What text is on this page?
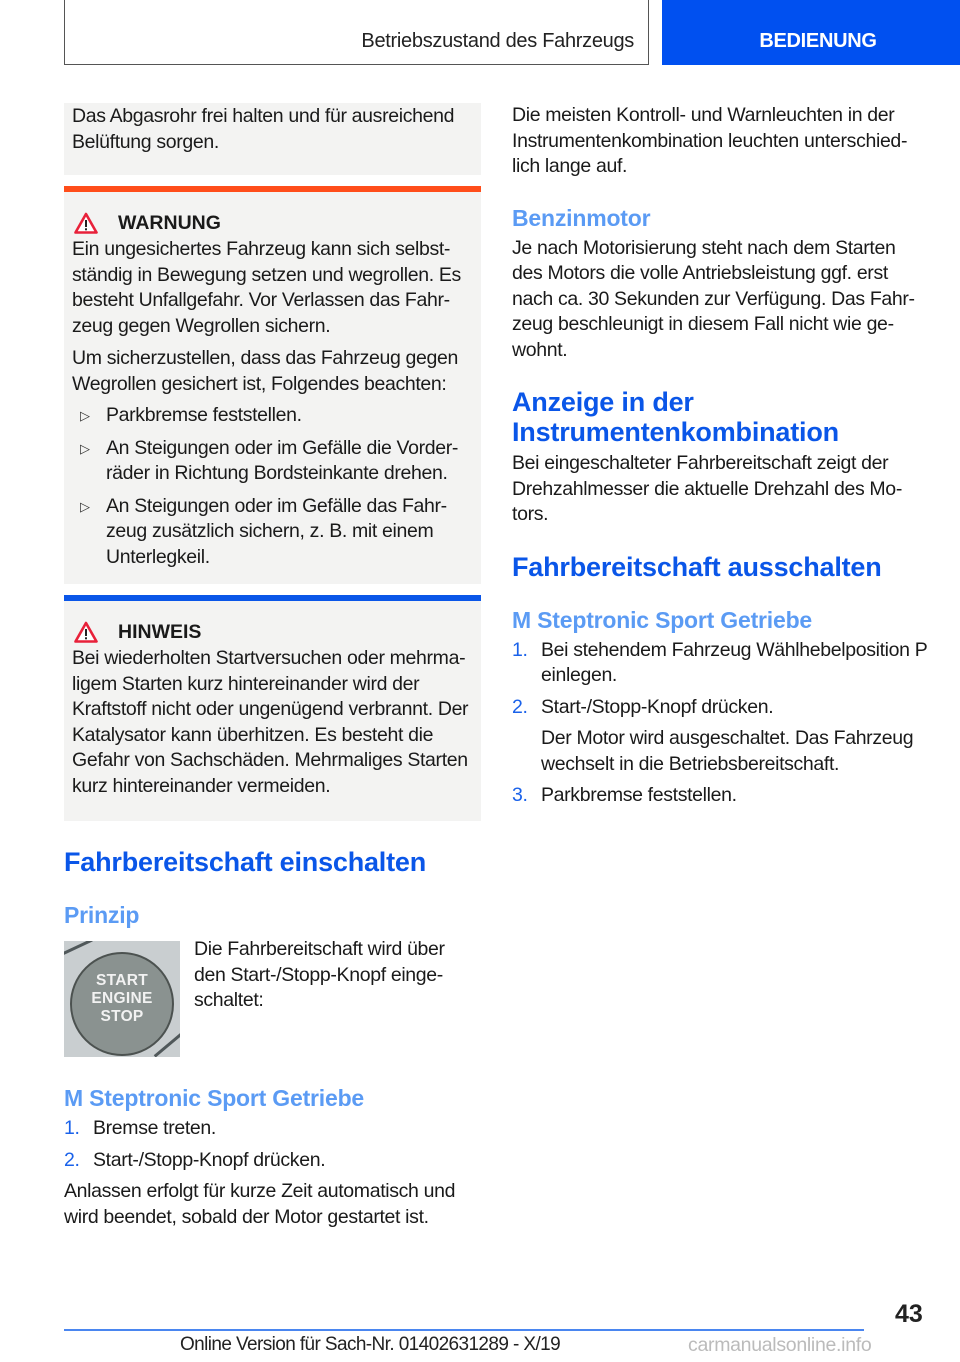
Betriebszustand des Fahrzeugs	BEDIENUNG

Das Abgasrohr frei halten und für ausreichend Belüftung sorgen.

WARNUNG

Ein ungesichertes Fahrzeug kann sich selbstständig in Bewegung setzen und wegrollen. Es besteht Unfallgefahr. Vor Verlassen das Fahrzeug gegen Wegrollen sichern.

Um sicherzustellen, dass das Fahrzeug gegen Wegrollen gesichert ist, Folgendes beachten:

▷ Parkbremse feststellen.
▷ An Steigungen oder im Gefälle die Vorderräder in Richtung Bordsteinkante drehen.
▷ An Steigungen oder im Gefälle das Fahrzeug zusätzlich sichern, z. B. mit einem Unterlegkeil.
HINWEIS

Bei wiederholten Startversuchen oder mehrmaligem Starten kurz hintereinander wird der Kraftstoff nicht oder ungenügend verbrannt. Der Katalysator kann überhitzen. Es besteht die Gefahr von Sachschäden. Mehrmaliges Starten kurz hintereinander vermeiden.

Fahrbereitschaft einschalten
Prinzip
START
ENGINE
STOP

Die Fahrbereitschaft wird über den Start-/Stopp-Knopf eingeschaltet:

M Steptronic Sport Getriebe
1. Bremse treten.
2. Start-/Stopp-Knopf drücken.

Anlassen erfolgt für kurze Zeit automatisch und wird beendet, sobald der Motor gestartet ist.

Die meisten Kontroll- und Warnleuchten in der Instrumentenkombination leuchten unterschiedlich lange auf.

Benzinmotor

Je nach Motorisierung steht nach dem Starten des Motors die volle Antriebsleistung ggf. erst nach ca. 30 Sekunden zur Verfügung. Das Fahrzeug beschleunigt in diesem Fall nicht wie gewohnt.

Anzeige in der Instrumentenkombination

Bei eingeschalteter Fahrbereitschaft zeigt der Drehzahlmesser die aktuelle Drehzahl des Motors.

Fahrbereitschaft ausschalten
M Steptronic Sport Getriebe
1. Bei stehendem Fahrzeug Wählhebelposition P einlegen.
2. Start-/Stopp-Knopf drücken.
Der Motor wird ausgeschaltet. Das Fahrzeug wechselt in die Betriebsbereitschaft.
3. Parkbremse feststellen.
43
Online Version für Sach-Nr. 01402631289 - X/19	carmanualsonline.info
